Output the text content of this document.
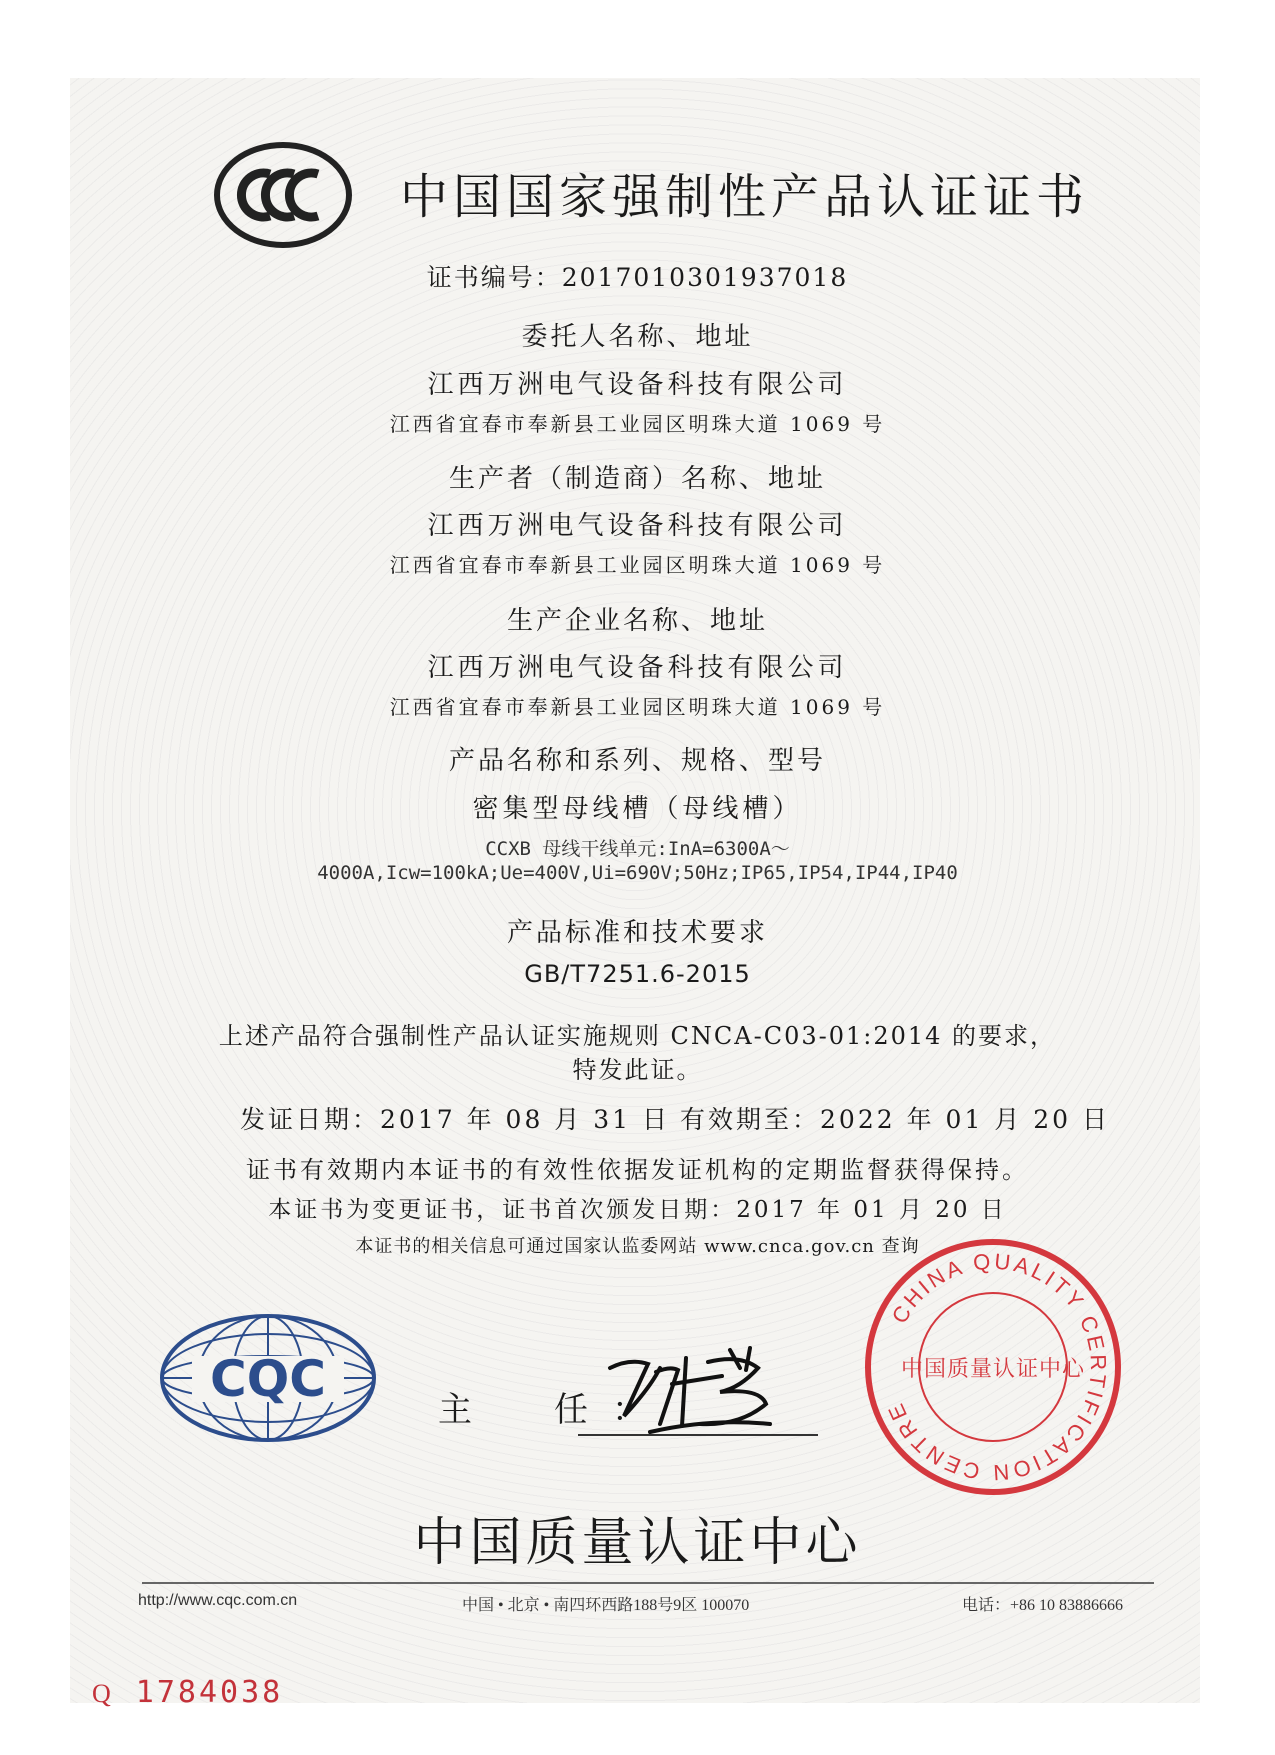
CCC 中国国家强制性产品认证证书
证书编号：2017010301937018
委托人名称、地址
江西万洲电气设备科技有限公司
江西省宜春市奉新县工业园区明珠大道 1069 号
生产者（制造商）名称、地址
江西万洲电气设备科技有限公司
江西省宜春市奉新县工业园区明珠大道 1069 号
生产企业名称、地址
江西万洲电气设备科技有限公司
江西省宜春市奉新县工业园区明珠大道 1069 号
产品名称和系列、规格、型号
密集型母线槽（母线槽）
CCXB 母线干线单元:InA=6300A～
4000A,Icw=100kA;Ue=400V,Ui=690V;50Hz;IP65,IP54,IP44,IP40
产品标准和技术要求
GB/T7251.6-2015
上述产品符合强制性产品认证实施规则 CNCA-C03-01:2014 的要求，
特发此证。
发证日期：2017 年 08 月 31 日 有效期至：2022 年 01 月 20 日
证书有效期内本证书的有效性依据发证机构的定期监督获得保持。
本证书为变更证书，证书首次颁发日期：2017 年 01 月 20 日
本证书的相关信息可通过国家认监委网站 www.cnca.gov.cn 查询
CQC
主　任：
CHINA QUALITY CERTIFICATION CENTRE
中国质量认证中心
中国质量认证中心
http://www.cqc.com.cn	中国 • 北京 • 南四环西路188号9区 100070	电话：+86 10 83886666
Q 1784038
